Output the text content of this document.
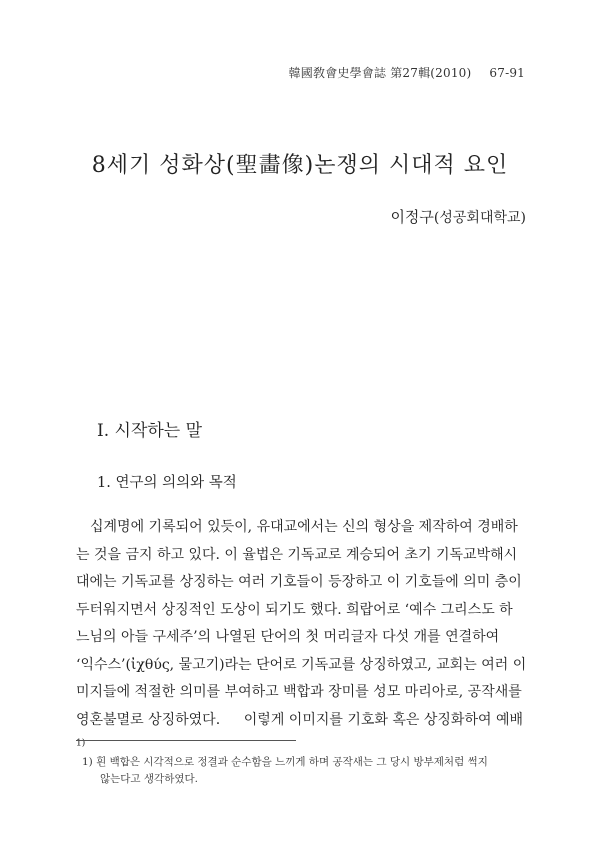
韓國敎會史學會誌 第27輯(2010) 67-91
8세기 성화상(聖畵像)논쟁의 시대적 요인
이정구(성공회대학교)
Ⅰ. 시작하는 말
1. 연구의 의의와 목적
십계명에 기록되어 있듯이, 유대교에서는 신의 형상을 제작하여 경배하
는 것을 금지 하고 있다. 이 율법은 기독교로 계승되어 초기 기독교박해시
대에는 기독교를 상징하는 여러 기호들이 등장하고 이 기호들에 의미 층이
두터워지면서 상징적인 도상이 되기도 했다. 희랍어로 ‘예수 그리스도 하
느님의 아들 구세주’의 나열된 단어의 첫 머리글자 다섯 개를 연결하여
‘익수스’(ἰχθύς, 물고기)라는 단어로 기독교를 상징하였고, 교회는 여러 이
미지들에 적절한 의미를 부여하고 백합과 장미를 성모 마리아로, 공작새를
영혼불멸로 상징하였다.
$^{1)}$
이렇게 이미지를 기호화 혹은 상징화하여 예배
1) 흰 백합은 시각적으로 정결과 순수함을 느끼게 하며 공작새는 그 당시 방부제처럼 썩지
않는다고 생각하였다.
